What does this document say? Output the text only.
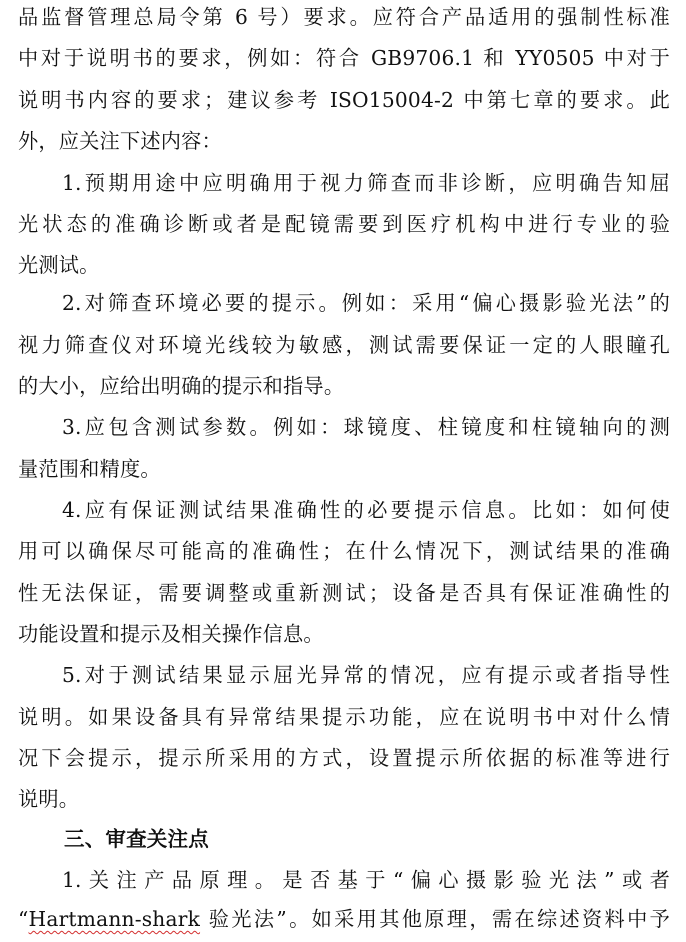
品监督管理总局令第 6 号）要求。应符合产品适用的强制性标准
中对于说明书的要求，例如：符合 GB9706.1 和 YY0505 中对于
说明书内容的要求；建议参考 ISO15004-2 中第七章的要求。此
外，应关注下述内容：
1.预期用途中应明确用于视力筛查而非诊断，应明确告知屈
光状态的准确诊断或者是配镜需要到医疗机构中进行专业的验
光测试。
2.对筛查环境必要的提示。例如：采用“偏心摄影验光法”的
视力筛查仪对环境光线较为敏感，测试需要保证一定的人眼瞳孔
的大小，应给出明确的提示和指导。
3.应包含测试参数。例如：球镜度、柱镜度和柱镜轴向的测
量范围和精度。
4.应有保证测试结果准确性的必要提示信息。比如：如何使
用可以确保尽可能高的准确性；在什么情况下，测试结果的准确
性无法保证，需要调整或重新测试；设备是否具有保证准确性的
功能设置和提示及相关操作信息。
5.对于测试结果显示屈光异常的情况，应有提示或者指导性
说明。如果设备具有异常结果提示功能，应在说明书中对什么情
况下会提示，提示所采用的方式，设置提示所依据的标准等进行
说明。
三、审查关注点
1.关注产品原理。是否基于“偏心摄影验光法”或者
“Hartmann-shark 验光法”。如采用其他原理，需在综述资料中予
